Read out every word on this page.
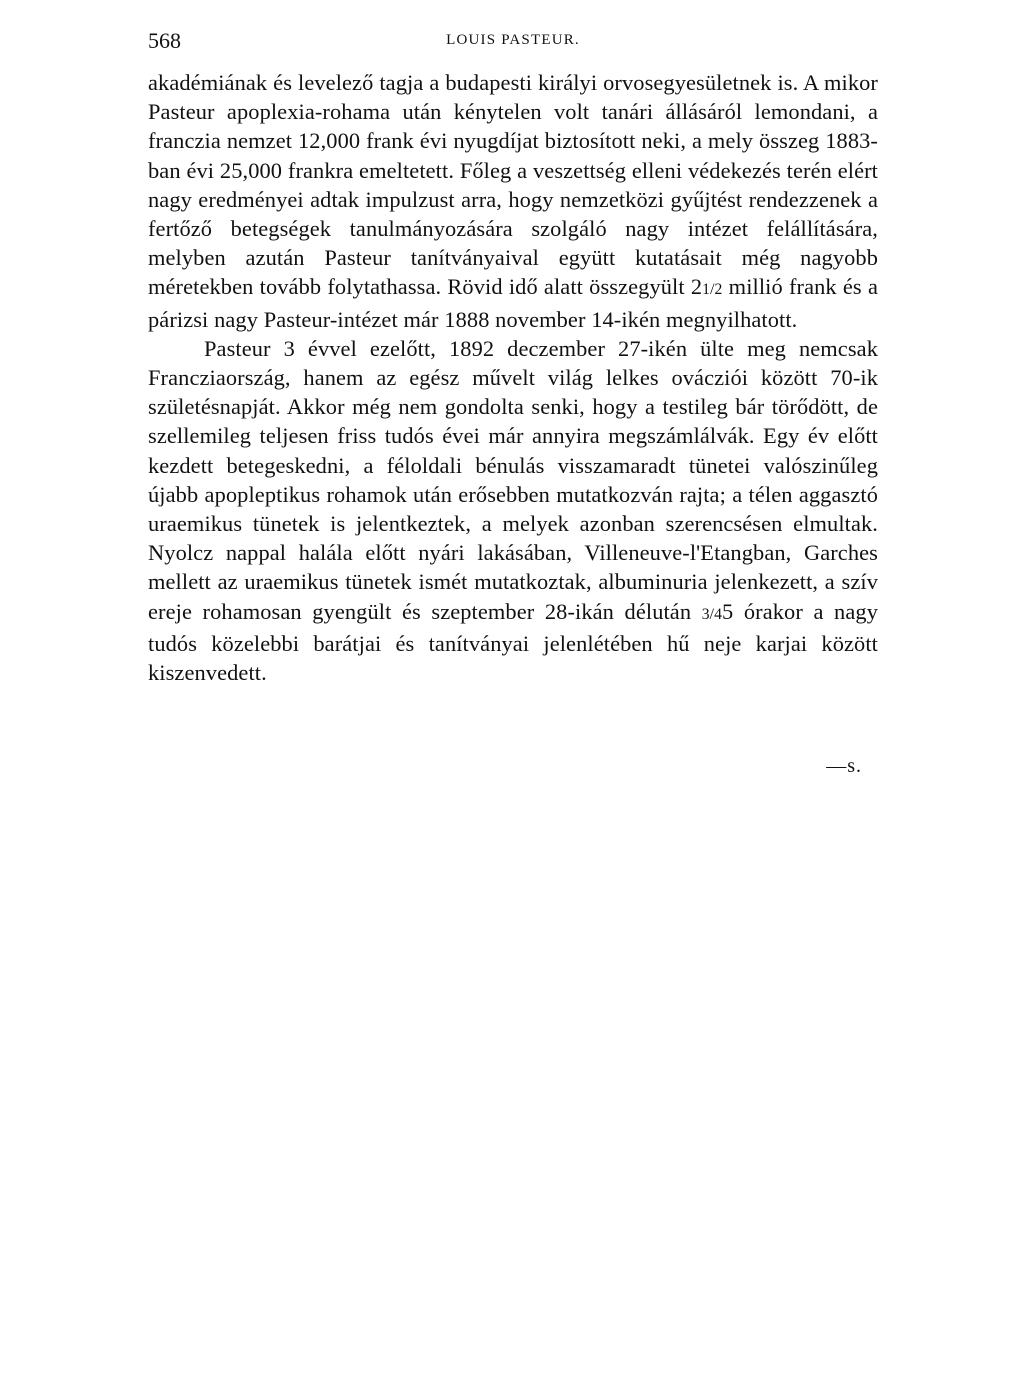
568	LOUIS PASTEUR.

akadémiának és levelező tagja a budapesti királyi orvosegyesületnek is. A mikor Pasteur apoplexia-rohama után kénytelen volt tanári állásáról lemondani, a franczia nemzet 12,000 frank évi nyugdíjat biztosított neki, a mely összeg 1883-ban évi 25,000 frankra emeltetett. Főleg a veszettség elleni védekezés terén elért nagy eredményei adtak impulzust arra, hogy nemzetközi gyűjtést rendezzenek a fertőző betegségek tanulmányozására szolgáló nagy intézet felállítására, melyben azután Pasteur tanítványaival együtt kutatásait még nagyobb méretekben tovább folytathassa. Rövid idő alatt összegyült 21/2 millió frank és a párizsi nagy Pasteur-intézet már 1888 november 14-ikén megnyilhatott.

Pasteur 3 évvel ezelőtt, 1892 deczember 27-ikén ülte meg nemcsak Francziaország, hanem az egész művelt világ lelkes ovácziói között 70-ik születésnapját. Akkor még nem gondolta senki, hogy a testileg bár törődött, de szellemileg teljesen friss tudós évei már annyira megszámlálvák. Egy év előtt kezdett betegeskedni, a féloldali bénulás visszamaradt tünetei valószinűleg újabb apopleptikus rohamok után erősebben mutatkozván rajta; a télen aggasztó uraemikus tünetek is jelentkeztek, a melyek azonban szerencsésen elmultak. Nyolcz nappal halála előtt nyári lakásában, Villeneuve-l'Etangban, Garches mellett az uraemikus tünetek ismét mutatkoztak, albuminuria jelenkezett, a szív ereje rohamosan gyengült és szeptember 28-ikán délután 3/45 órakor a nagy tudós közelebbi barátjai és tanítványai jelenlétében hű neje karjai között kiszenvedett.

—s.
